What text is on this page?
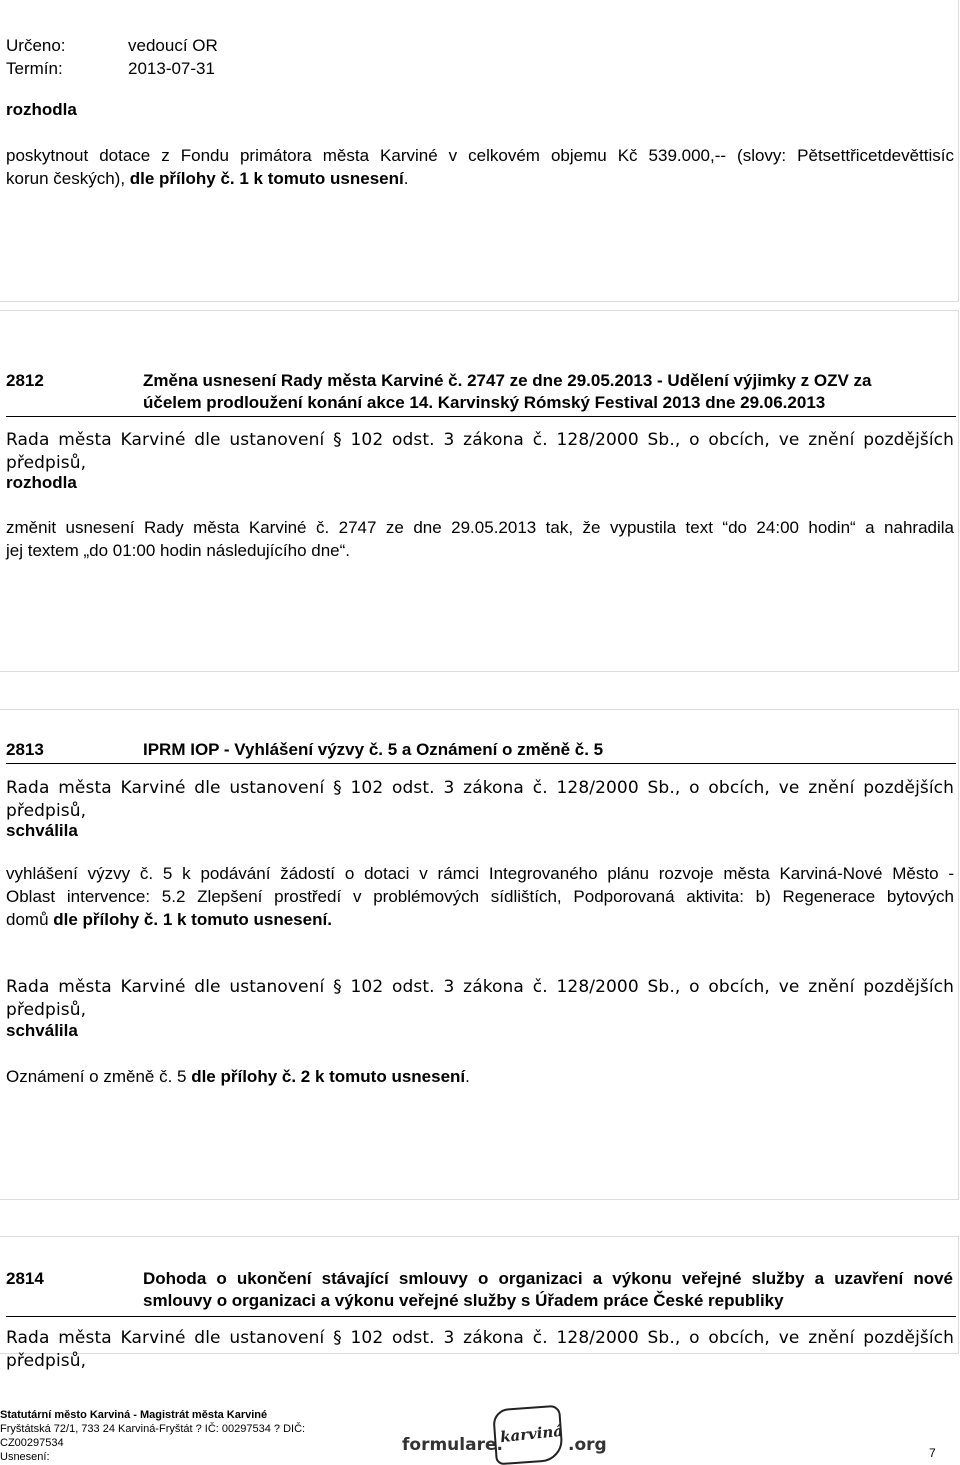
Určeno:	vedoucí OR
Termín:	2013-07-31
rozhodla
poskytnout dotace z Fondu primátora města Karviné v celkovém objemu Kč 539.000,-- (slovy: Pětsettřicetdevěttisíc
korun českých), dle přílohy č. 1 k tomuto usnesení.
2812	Změna usnesení Rady města Karviné č. 2747 ze dne 29.05.2013 - Udělení výjimky z OZV za
účelem prodloužení konání akce 14. Karvinský Rómský Festival 2013 dne 29.06.2013
Rada města Karviné dle ustanovení § 102 odst. 3 zákona č. 128/2000 Sb., o obcích, ve znění pozdějších předpisů,
rozhodla
změnit usnesení Rady města Karviné č. 2747 ze dne 29.05.2013 tak, že vypustila text “do 24:00 hodin“ a nahradila
jej textem „do 01:00 hodin následujícího dne“.
2813	IPRM IOP - Vyhlášení výzvy č. 5 a Oznámení o změně č. 5
Rada města Karviné dle ustanovení § 102 odst. 3 zákona č. 128/2000 Sb., o obcích, ve znění pozdějších předpisů,
schválila
vyhlášení výzvy č. 5 k podávání žádostí o dotaci v rámci Integrovaného plánu rozvoje města Karviná-Nové Město -
Oblast intervence: 5.2 Zlepšení prostředí v problémových sídlištích, Podporovaná aktivita: b) Regenerace bytových
domů dle přílohy č. 1 k tomuto usnesení.
Rada města Karviné dle ustanovení § 102 odst. 3 zákona č. 128/2000 Sb., o obcích, ve znění pozdějších předpisů,
schválila
Oznámení o změně č. 5 dle přílohy č. 2 k tomuto usnesení.
2814	Dohoda o ukončení stávající smlouvy o organizaci a výkonu veřejné služby a uzavření nové
smlouvy o organizaci a výkonu veřejné služby s Úřadem práce České republiky
Rada města Karviné dle ustanovení § 102 odst. 3 zákona č. 128/2000 Sb., o obcích, ve znění pozdějších předpisů,
Statutární město Karviná - Magistrát města Karviné
Fryštátská 72/1, 733 24 Karviná-Fryštát ? IČ: 00297534 ? DIČ:
CZ00297534
Usnesení:
formulare.
karviná .org	7
